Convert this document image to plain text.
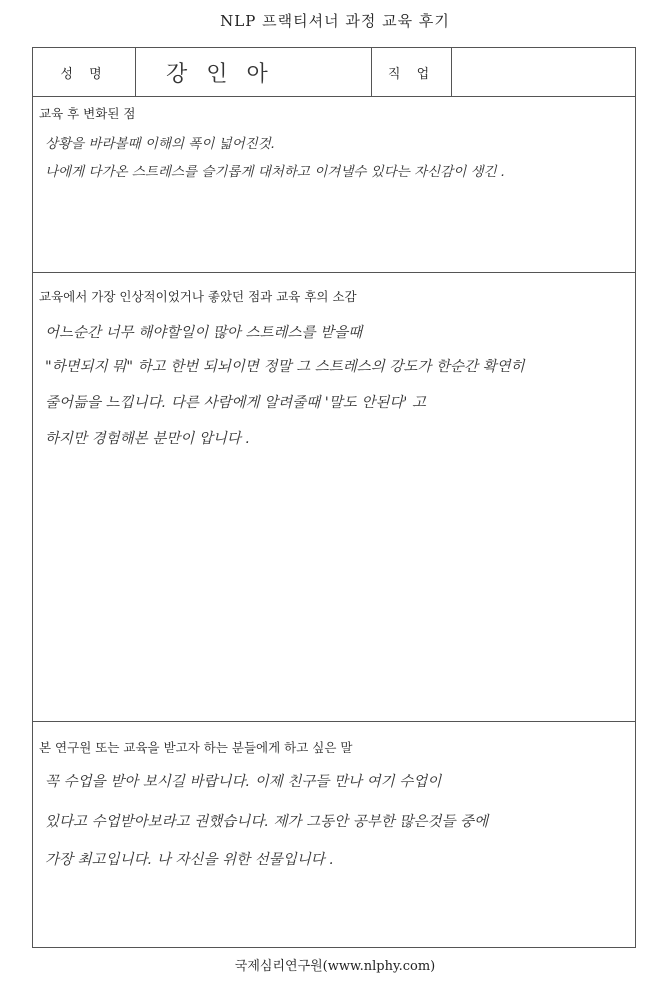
NLP 프랙티셔너 과정 교육 후기
성 명	강 인 아	직 업
교육 후 변화된 점
상황을 바라볼때 이해의 폭이 넓어진것.
나에게 다가온 스트레스를 슬기롭게 대처하고 이겨낼수 있다는 자신감이 생긴 .
교육에서 가장 인상적이었거나 좋았던 점과 교육 후의 소감
어느순간 너무 해야할일이 많아 스트레스를 받을때
"하면되지 뭐" 하고 한번 되뇌이면 정말 그 스트레스의 강도가 한순간 확연히
줄어듦을 느낍니다. 다른 사람에게 알려줄때 '말도 안된다' 고
하지만 경험해본 분만이 압니다 .
본 연구원 또는 교육을 받고자 하는 분들에게 하고 싶은 말
꼭 수업을 받아 보시길 바랍니다. 이제 친구들 만나 여기 수업이
있다고 수업받아보라고 권했습니다. 제가 그동안 공부한 많은것들 중에
가장 최고입니다. 나 자신을 위한 선물입니다 .
국제심리연구원(www.nlphy.com)
